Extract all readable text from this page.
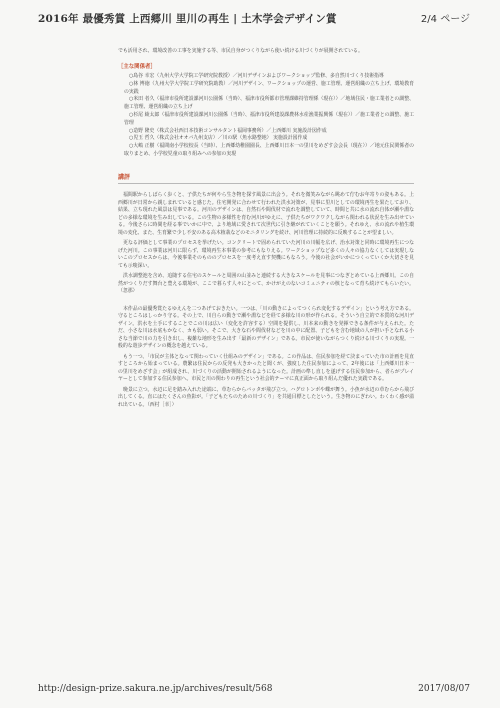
2016年 最優秀賞 上西郷川 里川の再生 | 土木学会デザイン賞	2/4 ページ

でも活用され、環境改善の工事を実施する等、市民自身がつくりながら使い続ける川づくりが展開されている。

［主な関係者］

○島谷 幸宏（九州大学大学院工学研究院教授）／河川デザインおよびワークショップ監修、多自然川づくり技術指導

○林 博徳（九州大学大学院工学研究院助教）／河川デザイン、ワークショップの運営、施工管理、運営組織の立ち上げ、環境教育の実践

○米田 者久（福津市役所建設課河川公園係（当時）、福津市役所都市管理課維持管理係（現在））／地域住民・施工業者との調整、施工管理、運営組織の立ち上げ

○杉尾 綾太郎（福津市役所建設課河川公園係（当時）、福津市役所建設課農林水産漁業振興係（現在））／施工業者との調整、施工管理

○造野 隆史（株式会社西日本技術コンサルタント福岡事務所）／上西郷川 実施設計図作成

○児玉 哲久（株式会社オオバ九州支店）／川の駅（魚水路整地） 実施設計図作成

○大嶋 正樹（福間南小学校校長（当時）、上西郷幼稚園園長、上西郷川日本一の里川をめざす会会長（現在））／地元住民関係者の取りまとめ、小学校児童の取り組みへの参加の実現

講評

福間駅からしばらく歩くと、子供たちが何やら生き物を探す風景に出会う。それを微笑みながら眺めて佇むお年寄りの姿もある。上西郷川が日常から親しまれていると感じた。住宅開発に合わせて行われた洪水対策が、見事に里川としての環境再生を果たしており、結果、立ち現れた風景は見事である。河川のデザインは、自然石や間伐材で流れを調整していて、時間と共に水の流れ自体が瀬や淵などの多様な環境を生み出している。この生物の多様性を育む河川がゆえに、子供たちがワクワクしながら関われる状況を生み出せている。今後さらに時間を経る事でいかに中で、より地域に愛されて次世代に引き継がれていくことを願う。それゆえ、水の流れや植生環境の変化、また、生育繁で少し不安のある高木植栽などのモニタリングを続け、河川管理に持続的に反映することが望ましい。

更なる評価として事業のプロセスを挙げたい。コンクリートで固められていた河川の川幅を広げ、治水対策と同時に環境再生につなげた河川。この事業は河川に限らず、環境再生本事業の参考にもなりえる。ワークショップなど多くの人々の協力なくしては実現しないこのプロセスからは、今後事業そのもののプロセスを一度考え直す契機にもなろう。今後の社会がいかにつくっていくか大切さを見ても示唆深い。

洪水調整池を含め、追随する住宅のスケールと周囲の山並みと連続する大きなスケールを見事につなぎとめている上西郷川。この自然がつくりだす舞台と豊える環境が、ここで暮らす人々にとって、かけがえのないコミュニティの核となって育ち続けてもらいたい。（忽那）

本作品の最優秀賞たるゆえんを二つあげておきたい。一つは、「川の動きによってつくられ変化するデザイン」という考え方である。守るところはしっかり守る。その上で、川自らの動きで瀬や淵などを経て多様な川の形が作られる。そういう自立的で本質的な河川デザイン。洪水を土手にすることでこの川は広い（変化を許容する）空間を提供し、川本来の動きを発揮できる条件が与えられた。ただ、小さな川は水底もかなく、カも弱い。そこで、大きな石や間伐材などを川の中に配置、子どもを含む地域の人が担い手となれる小さな当節で川の力を引き出し、複雑な地形を生み出す「最新のデザイン」である。市民が使いながらつくり続ける川づくりの実現。一般的な遊歩デザインの概念を越えている。

もう一つ、「市民が主体となって関わっていく仕組みのデザイン」である。この作品は、住民参加を経て決まっていた市の計画を見直すところから始まっている。農繁は住民からの反発も大きかったと聞くが、強度した住民参加によって、2年後には「上西郷川日本一の里川をめざす会」が組成され、川づくりの活動が開始されるようになった。計画の準し直しを遂げする住民参加から、者らがプレイヤーとして参加する住民参加へ。市民と川の関わりの再生という社会的テーマに真正面から取り組んだ優れた実践である。

晩景に立つ。水辺に足を踏み入れた途端に、草むらからバッタが飛び立つ。ハグロトンボや蝶が舞う。小魚が水辺の草むらから飛び出してくる。直にはたくさんの魚影が。「子どもたちのための川づくり」を共通目標としたという。生き物のにぎわい。わくわく感が溢れ出ている。（西村［幸］）

http://design-prize.sakura.ne.jp/archives/result/568	2017/08/07
